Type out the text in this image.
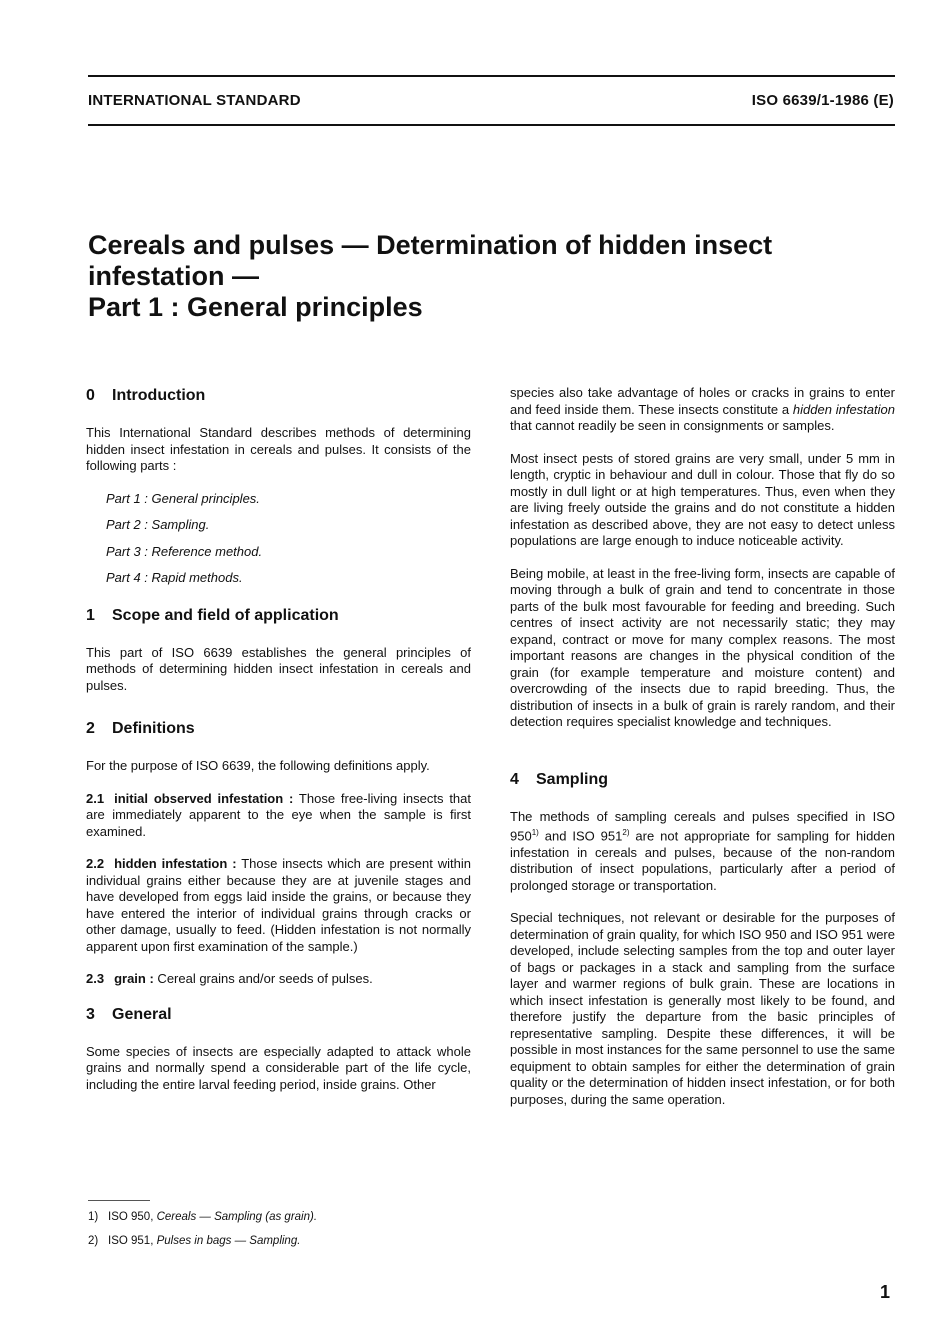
INTERNATIONAL STANDARD	ISO 6639/1-1986 (E)
Cereals and pulses — Determination of hidden insect
infestation —
Part 1 : General principles
0 Introduction

This International Standard describes methods of determining hidden insect infestation in cereals and pulses. It consists of the following parts :

Part 1 : General principles.
Part 2 : Sampling.
Part 3 : Reference method.
Part 4 : Rapid methods.
1 Scope and field of application

This part of ISO 6639 establishes the general principles of methods of determining hidden insect infestation in cereals and pulses.

2 Definitions

For the purpose of ISO 6639, the following definitions apply.

2.1 initial observed infestation : Those free-living insects that are immediately apparent to the eye when the sample is first examined.

2.2 hidden infestation : Those insects which are present within individual grains either because they are at juvenile stages and have developed from eggs laid inside the grains, or because they have entered the interior of individual grains through cracks or other damage, usually to feed. (Hidden infestation is not normally apparent upon first examination of the sample.)

2.3 grain : Cereal grains and/or seeds of pulses.

3 General

Some species of insects are especially adapted to attack whole grains and normally spend a considerable part of the life cycle, including the entire larval feeding period, inside grains. Other

species also take advantage of holes or cracks in grains to enter and feed inside them. These insects constitute a hidden infestation that cannot readily be seen in consignments or samples.

Most insect pests of stored grains are very small, under 5 mm in length, cryptic in behaviour and dull in colour. Those that fly do so mostly in dull light or at high temperatures. Thus, even when they are living freely outside the grains and do not constitute a hidden infestation as described above, they are not easy to detect unless populations are large enough to induce noticeable activity.

Being mobile, at least in the free-living form, insects are capable of moving through a bulk of grain and tend to concentrate in those parts of the bulk most favourable for feeding and breeding. Such centres of insect activity are not necessarily static; they may expand, contract or move for many complex reasons. The most important reasons are changes in the physical condition of the grain (for example temperature and moisture content) and overcrowding of the insects due to rapid breeding. Thus, the distribution of insects in a bulk of grain is rarely random, and their detection requires specialist knowledge and techniques.

4 Sampling

The methods of sampling cereals and pulses specified in ISO 950$^{1)}$ and ISO 951$^{2)}$ are not appropriate for sampling for hidden infestation in cereals and pulses, because of the non-random distribution of insect populations, particularly after a period of prolonged storage or transportation.

Special techniques, not relevant or desirable for the purposes of determination of grain quality, for which ISO 950 and ISO 951 were developed, include selecting samples from the top and outer layer of bags or packages in a stack and sampling from the surface layer and warmer regions of bulk grain. These are locations in which insect infestation is generally most likely to be found, and therefore justify the departure from the basic principles of representative sampling. Despite these differences, it will be possible in most instances for the same personnel to use the same equipment to obtain samples for either the determination of grain quality or the determination of hidden insect infestation, or for both purposes, during the same operation.

1) ISO 950, Cereals — Sampling (as grain).
2) ISO 951, Pulses in bags — Sampling.
1
